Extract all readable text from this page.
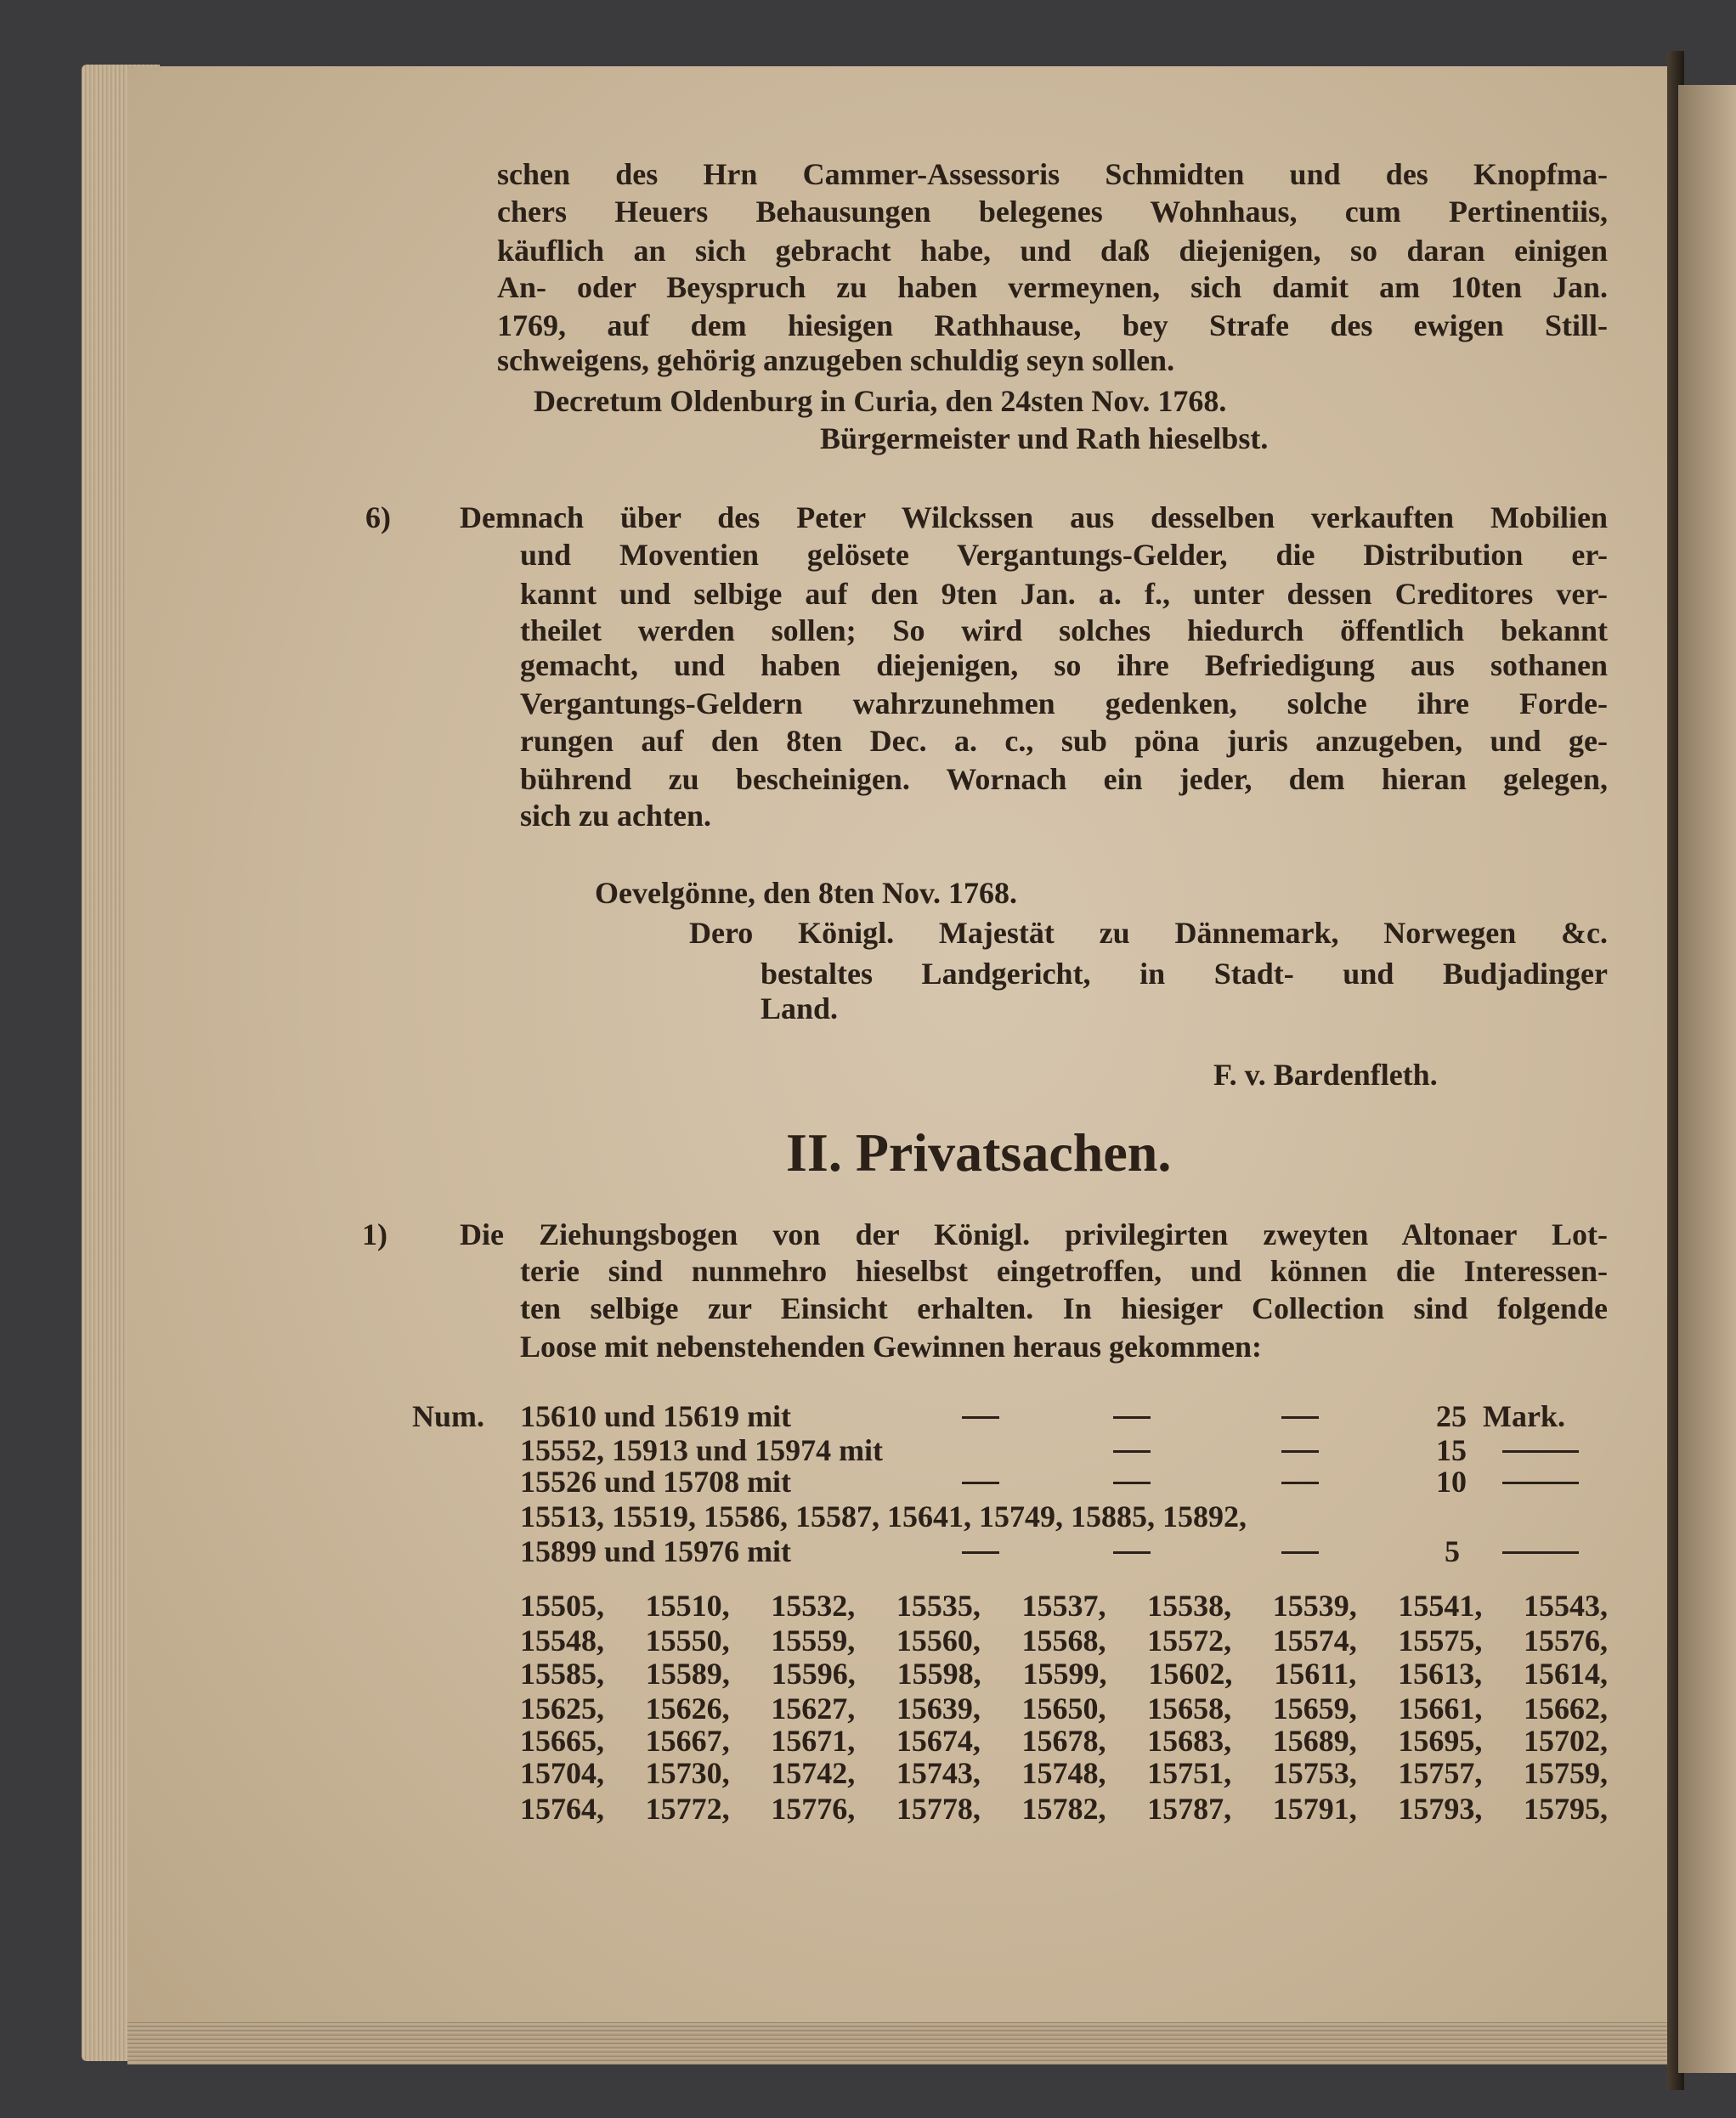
schen des Hrn Cammer-Assessoris Schmidten und des Knopfma-
chers Heuers Behausungen belegenes Wohnhaus, cum Pertinentiis,
käuflich an sich gebracht habe, und daß diejenigen, so daran einigen
An- oder Beyspruch zu haben vermeynen, sich damit am 10ten Jan.
1769, auf dem hiesigen Rathhause, bey Strafe des ewigen Still-
schweigens, gehörig anzugeben schuldig seyn sollen.
Decretum Oldenburg in Curia, den 24sten Nov. 1768.
Bürgermeister und Rath hieselbst.
6) Demnach über des Peter Wilckssen aus desselben verkauften Mobilien
und Moventien gelösete Vergantungs-Gelder, die Distribution er-
kannt und selbige auf den 9ten Jan. a. f., unter dessen Creditores ver-
theilet werden sollen; So wird solches hiedurch öffentlich bekannt
gemacht, und haben diejenigen, so ihre Befriedigung aus sothanen
Vergantungs-Geldern wahrzunehmen gedenken, solche ihre Forde-
rungen auf den 8ten Dec. a. c., sub pöna juris anzugeben, und ge-
bührend zu bescheinigen. Wornach ein jeder, dem hieran gelegen,
sich zu achten.
Oevelgönne, den 8ten Nov. 1768.
Dero Königl. Majestät zu Dännemark, Norwegen &c.
bestaltes Landgericht, in Stadt- und Budjadinger
Land.
F. v. Bardenfleth.
II. Privatsachen.
1) Die Ziehungsbogen von der Königl. privilegirten zweyten Altonaer Lot-
terie sind nunmehro hieselbst eingetroffen, und können die Interessen-
ten selbige zur Einsicht erhalten. In hiesiger Collection sind folgende
Loose mit nebenstehenden Gewinnen heraus gekommen:
Num. 15610 und 15619 mit	25 Mark.
15552, 15913 und 15974 mit	15
15526 und 15708 mit	10
15513, 15519, 15586, 15587, 15641, 15749, 15885, 15892,
15899 und 15976 mit	5
15505, 15510, 15532, 15535, 15537, 15538, 15539, 15541, 15543,
15548, 15550, 15559, 15560, 15568, 15572, 15574, 15575, 15576,
15585, 15589, 15596, 15598, 15599, 15602, 15611, 15613, 15614,
15625, 15626, 15627, 15639, 15650, 15658, 15659, 15661, 15662,
15665, 15667, 15671, 15674, 15678, 15683, 15689, 15695, 15702,
15704, 15730, 15742, 15743, 15748, 15751, 15753, 15757, 15759,
15764, 15772, 15776, 15778, 15782, 15787, 15791, 15793, 15795,
